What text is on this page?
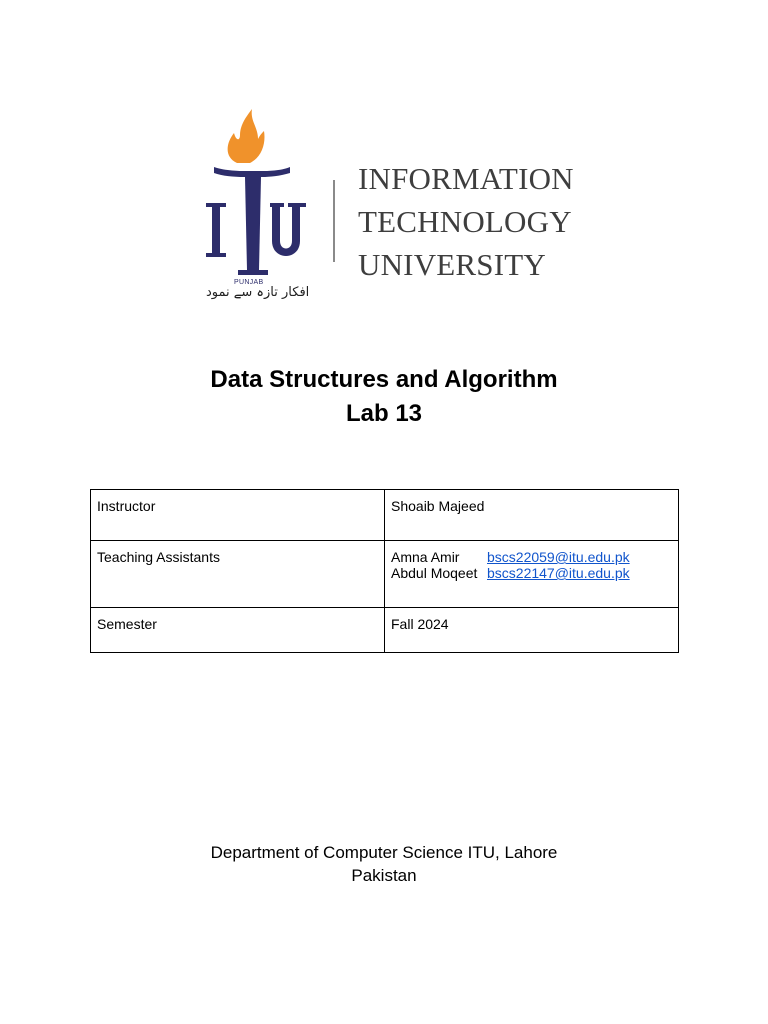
PUNJAB
افکار تازہ سے نمود
INFORMATION
TECHNOLOGY
UNIVERSITY
Data Structures and Algorithm
Lab 13
Instructor	Shoaib Majeed
Teaching Assistants	Amna Amir bscs22059@itu.edu.pk
Abdul Moqeet bscs22147@itu.edu.pk

Semester	Fall 2024
Department of Computer Science ITU, Lahore
Pakistan
